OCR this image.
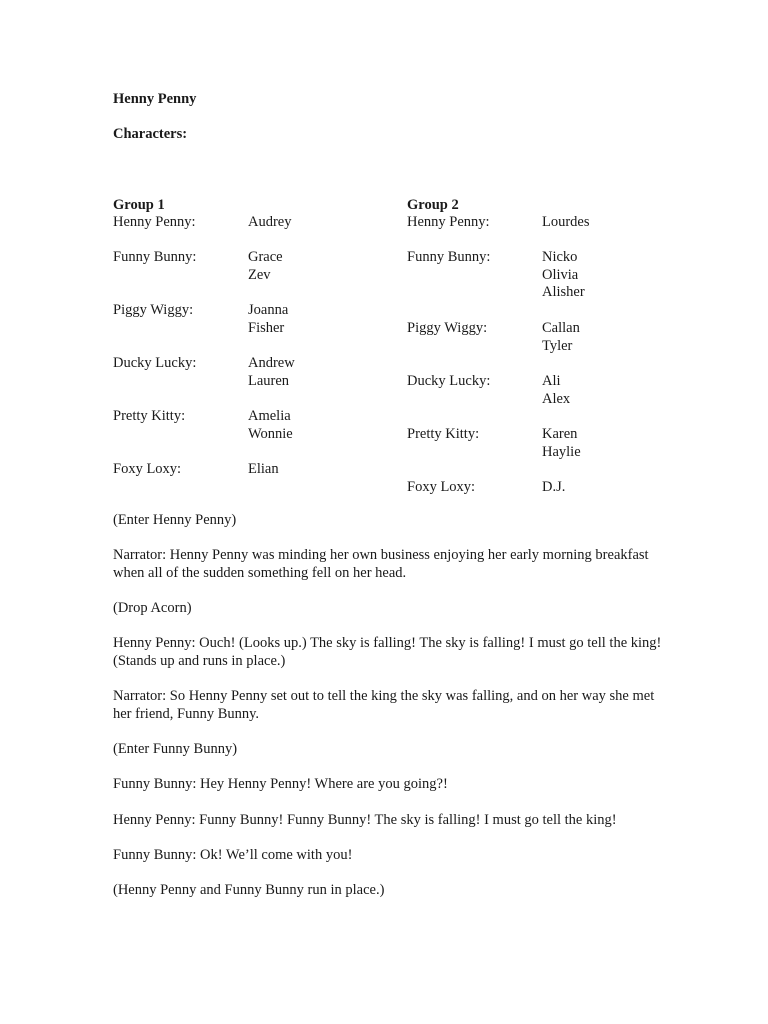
Henny Penny
Characters:
Group 1
Henny Penny:	Audrey
Funny Bunny:	Grace
Zev
Piggy Wiggy:	Joanna
Fisher
Ducky Lucky:	Andrew
Lauren
Pretty Kitty:	Amelia
Wonnie
Foxy Loxy:	Elian
Group 2
Henny Penny:	Lourdes
Funny Bunny:	Nicko
Olivia
Alisher
Piggy Wiggy:	Callan
Tyler
Ducky Lucky:	Ali
Alex
Pretty Kitty:	Karen
Haylie
Foxy Loxy:	D.J.

(Enter Henny Penny)

Narrator: Henny Penny was minding her own business enjoying her early morning breakfast when all of the sudden something fell on her head.

(Drop Acorn)

Henny Penny: Ouch! (Looks up.) The sky is falling! The sky is falling! I must go tell the king! (Stands up and runs in place.)

Narrator: So Henny Penny set out to tell the king the sky was falling, and on her way she met her friend, Funny Bunny.

(Enter Funny Bunny)

Funny Bunny: Hey Henny Penny! Where are you going?!

Henny Penny: Funny Bunny! Funny Bunny! The sky is falling! I must go tell the king!

Funny Bunny: Ok! We’ll come with you!

(Henny Penny and Funny Bunny run in place.)
